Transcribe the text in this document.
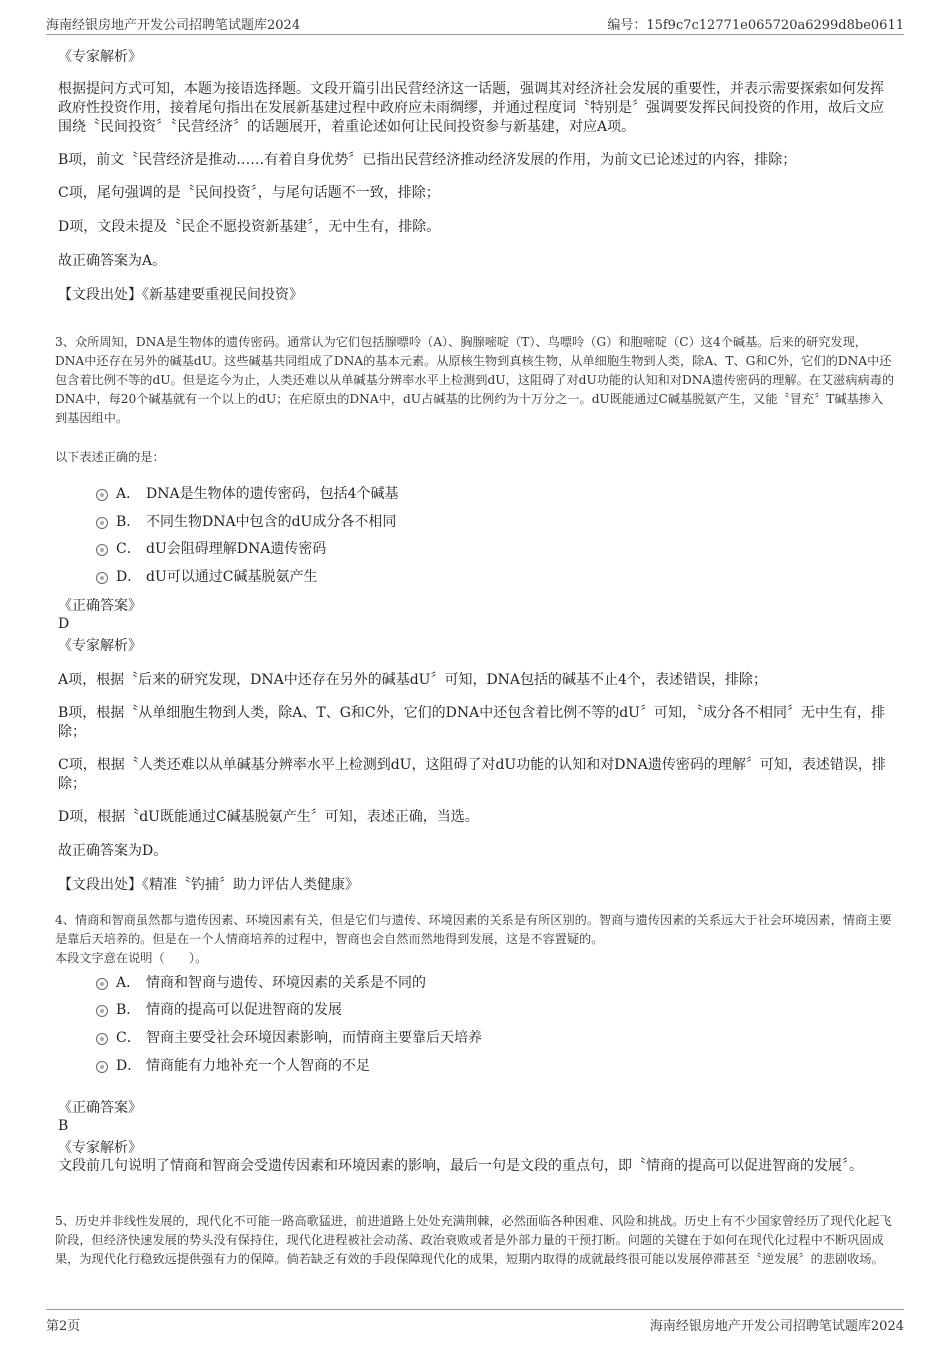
海南经银房地产开发公司招聘笔试题库2024	编号：15f9c7c12771e065720a6299d8be0611

《专家解析》

根据提问方式可知，本题为接语选择题。文段开篇引出民营经济这一话题，强调其对经济社会发展的重要性，并表示需要探索如何发挥政府性投资作用，接着尾句指出在发展新基建过程中政府应未雨绸缪，并通过程度词〝特别是〞强调要发挥民间投资的作用，故后文应围绕〝民间投资〞〝民营经济〞的话题展开，着重论述如何让民间投资参与新基建，对应A项。

B项，前文〝民营经济是推动……有着自身优势〞已指出民营经济推动经济发展的作用，为前文已论述过的内容，排除；

C项，尾句强调的是〝民间投资〞，与尾句话题不一致，排除；

D项，文段未提及〝民企不愿投资新基建〞，无中生有，排除。

故正确答案为A。

【文段出处】《新基建要重视民间投资》

3、众所周知，DNA是生物体的遗传密码。通常认为它们包括腺嘌呤（A）、胸腺嘧啶（T）、鸟嘌呤（G）和胞嘧啶（C）这4个碱基。后来的研究发现，DNA中还存在另外的碱基dU。这些碱基共同组成了DNA的基本元素。从原核生物到真核生物，从单细胞生物到人类，除A、T、G和C外，它们的DNA中还包含着比例不等的dU。但是迄今为止，人类还难以从单碱基分辨率水平上检测到dU，这阻碍了对dU功能的认知和对DNA遗传密码的理解。在艾滋病病毒的DNA中，每20个碱基就有一个以上的dU；在疟原虫的DNA中，dU占碱基的比例约为十万分之一。dU既能通过C碱基脱氨产生，又能〝冒充〞T碱基掺入到基因组中。

以下表述正确的是：

A． DNA是生物体的遗传密码，包括4个碱基
B． 不同生物DNA中包含的dU成分各不相同
C． dU会阻碍理解DNA遗传密码
D． dU可以通过C碱基脱氨产生

《正确答案》

D

《专家解析》

A项，根据〝后来的研究发现，DNA中还存在另外的碱基dU〞可知，DNA包括的碱基不止4个，表述错误，排除；

B项，根据〝从单细胞生物到人类，除A、T、G和C外，它们的DNA中还包含着比例不等的dU〞可知，〝成分各不相同〞无中生有，排除；

C项，根据〝人类还难以从单碱基分辨率水平上检测到dU，这阻碍了对dU功能的认知和对DNA遗传密码的理解〞可知，表述错误，排除；

D项，根据〝dU既能通过C碱基脱氨产生〞可知，表述正确，当选。

故正确答案为D。

【文段出处】《精准〝钓捕〞助力评估人类健康》

4、情商和智商虽然都与遗传因素、环境因素有关，但是它们与遗传、环境因素的关系是有所区别的。智商与遗传因素的关系远大于社会环境因素，情商主要是靠后天培养的。但是在一个人情商培养的过程中，智商也会自然而然地得到发展，这是不容置疑的。

本段文字意在说明（　　）。

A． 情商和智商与遗传、环境因素的关系是不同的
B． 情商的提高可以促进智商的发展
C． 智商主要受社会环境因素影响，而情商主要靠后天培养
D． 情商能有力地补充一个人智商的不足

《正确答案》

B

《专家解析》

文段前几句说明了情商和智商会受遗传因素和环境因素的影响，最后一句是文段的重点句，即〝情商的提高可以促进智商的发展〞。

5、历史并非线性发展的，现代化不可能一路高歌猛进，前进道路上处处充满荆棘，必然面临各种困难、风险和挑战。历史上有不少国家曾经历了现代化起飞阶段，但经济快速发展的势头没有保持住，现代化进程被社会动荡、政治衰败或者是外部力量的干预打断。问题的关键在于如何在现代化过程中不断巩固成果，为现代化行稳致远提供强有力的保障。倘若缺乏有效的手段保障现代化的成果，短期内取得的成就最终很可能以发展停滞甚至〝逆发展〞的悲剧收场。

第2页	海南经银房地产开发公司招聘笔试题库2024
